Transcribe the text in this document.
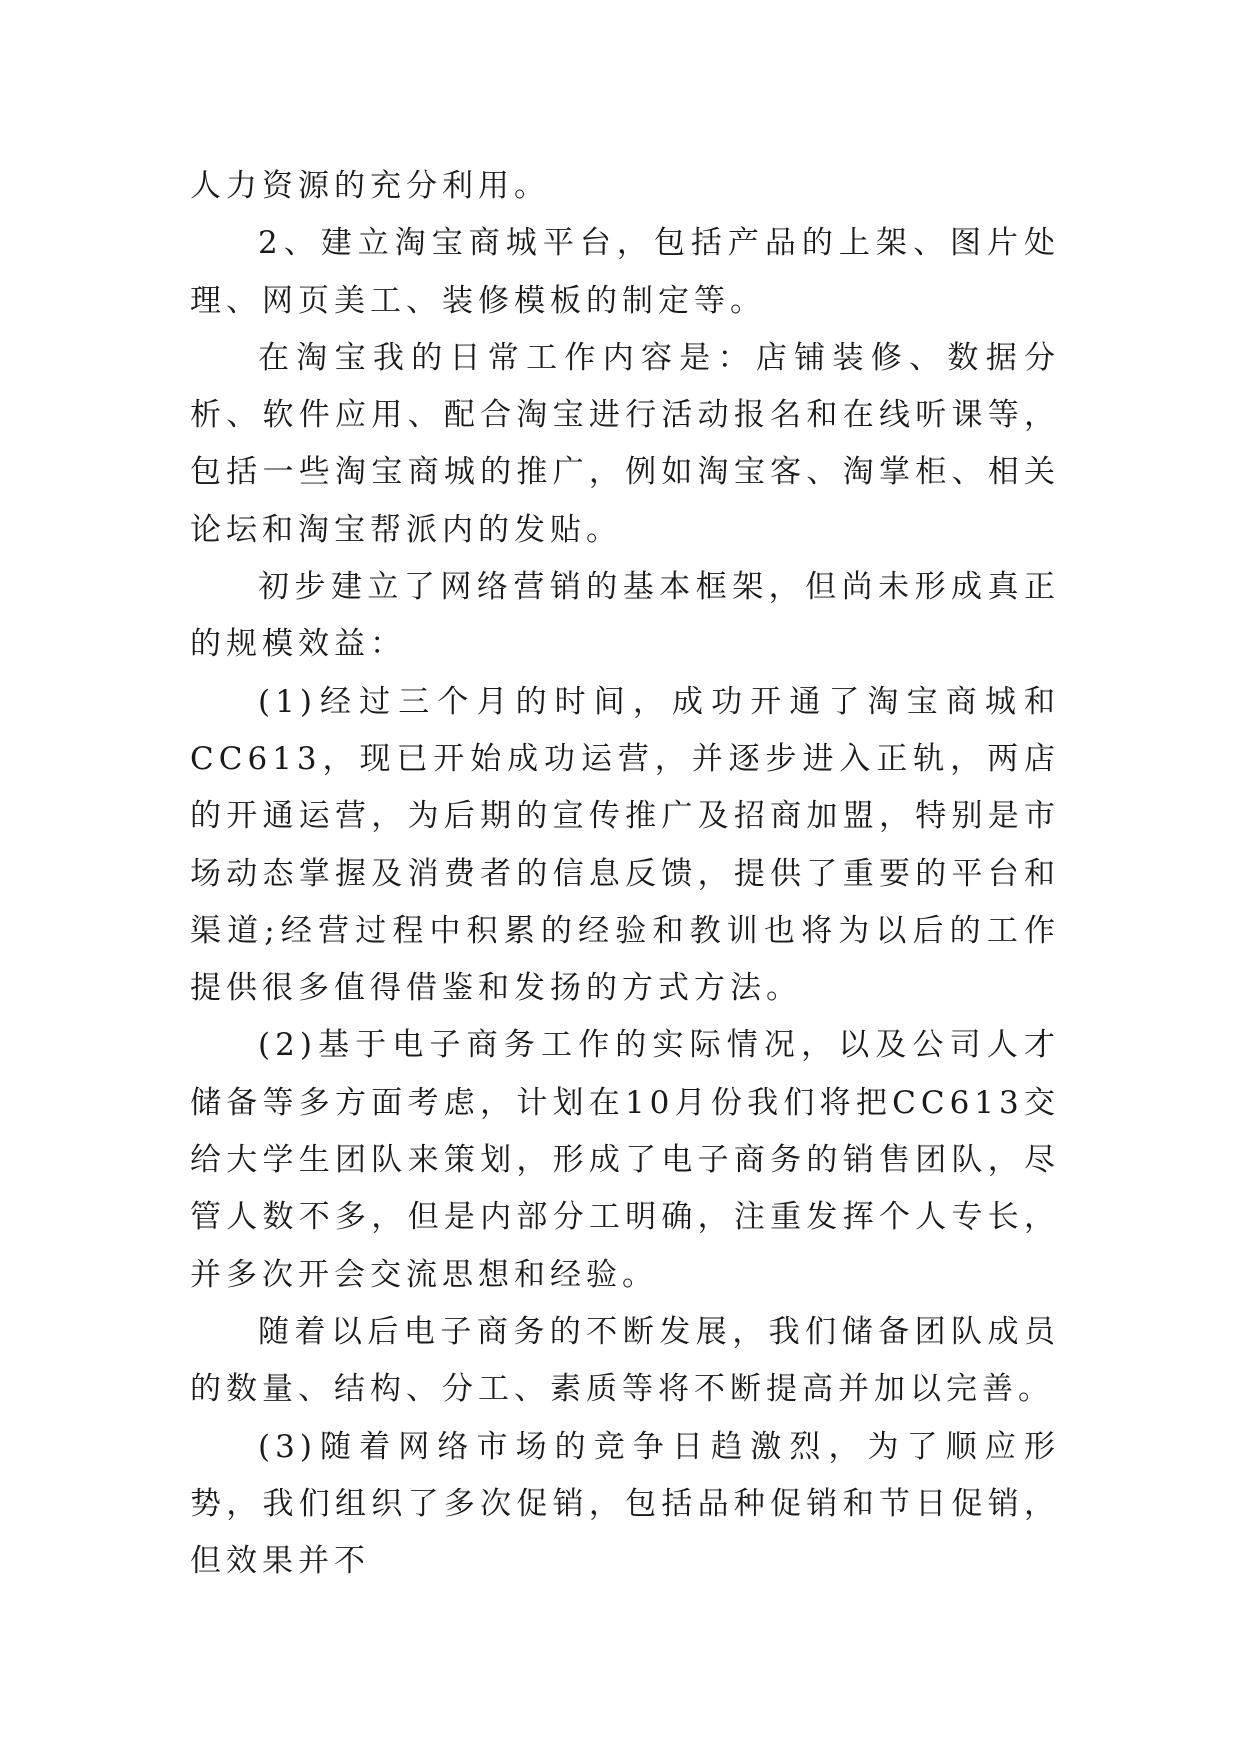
人力资源的充分利用。

2、建立淘宝商城平台，包括产品的上架、图片处理、网页美工、装修模板的制定等。

在淘宝我的日常工作内容是：店铺装修、数据分析、软件应用、配合淘宝进行活动报名和在线听课等，包括一些淘宝商城的推广，例如淘宝客、淘掌柜、相关论坛和淘宝帮派内的发贴。

初步建立了网络营销的基本框架，但尚未形成真正的规模效益：

(1)经过三个月的时间，成功开通了淘宝商城和CC613，现已开始成功运营，并逐步进入正轨，两店的开通运营，为后期的宣传推广及招商加盟，特别是市场动态掌握及消费者的信息反馈，提供了重要的平台和渠道;经营过程中积累的经验和教训也将为以后的工作提供很多值得借鉴和发扬的方式方法。

(2)基于电子商务工作的实际情况，以及公司人才储备等多方面考虑，计划在10月份我们将把CC613交给大学生团队来策划，形成了电子商务的销售团队，尽管人数不多，但是内部分工明确，注重发挥个人专长，并多次开会交流思想和经验。

随着以后电子商务的不断发展，我们储备团队成员的数量、结构、分工、素质等将不断提高并加以完善。

(3)随着网络市场的竞争日趋激烈，为了顺应形势，我们组织了多次促销，包括品种促销和节日促销，但效果并不
